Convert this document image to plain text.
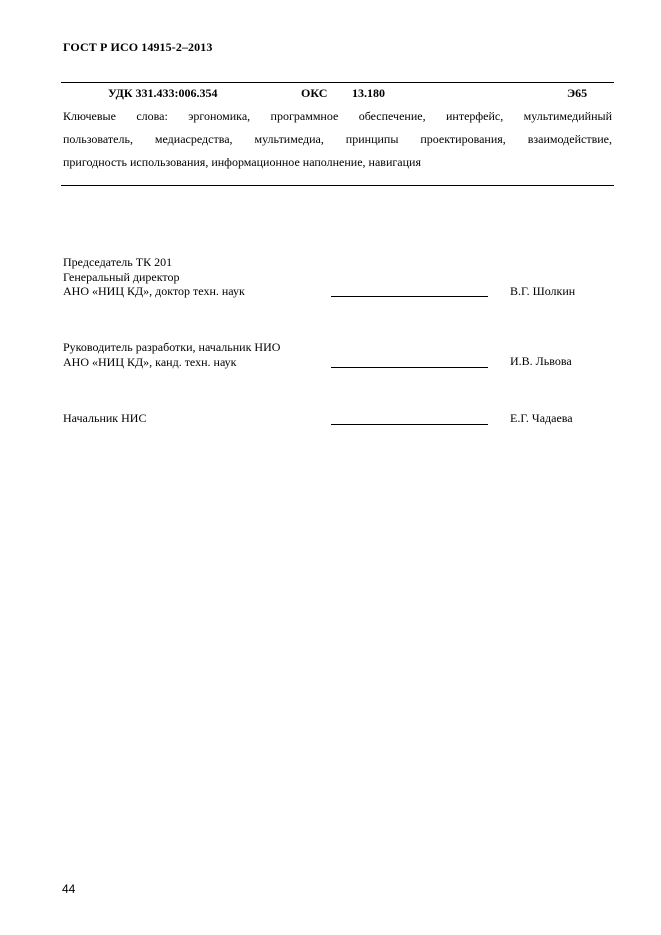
ГОСТ Р ИСО 14915-2–2013
УДК 331.433:006.354	ОКС 13.180	Э65
Ключевые слова: эргономика, программное обеспечение, интерфейс, мультимедийный
пользователь, медиасредства, мультимедиа, принципы проектирования, взаимодействие,
пригодность использования, информационное наполнение, навигация
Председатель ТК 201
Генеральный директор
АНО «НИЦ КД», доктор техн. наук	В.Г. Шолкин
Руководитель разработки, начальник НИО
АНО «НИЦ КД», канд. техн. наук	И.В. Львова
Начальник НИС	Е.Г. Чадаева
44
